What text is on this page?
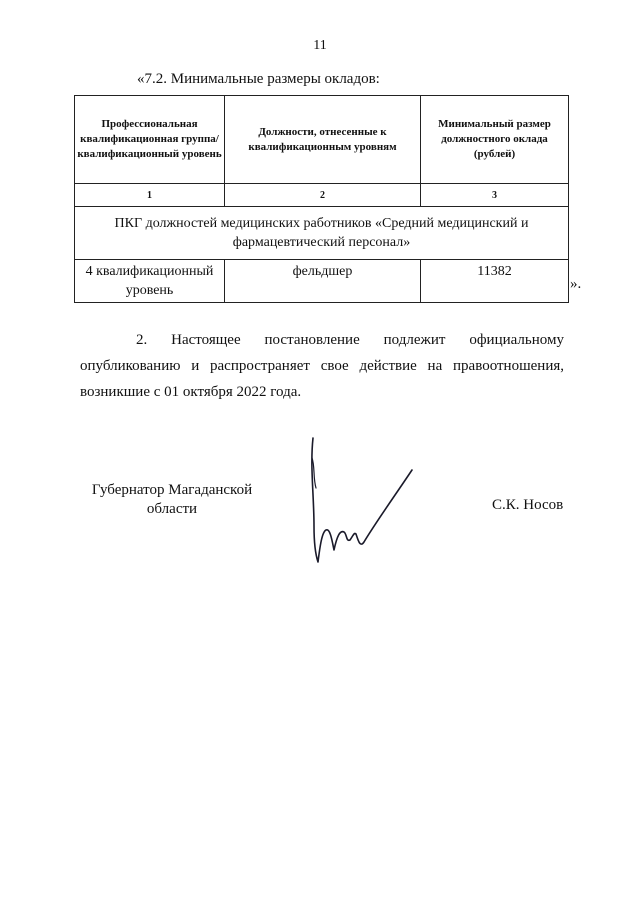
11
«7.2. Минимальные размеры окладов:
Профессиональная квалификационная группа/ квалификационный уровень	Должности, отнесенные к квалификационным уровням	Минимальный размер должностного оклада (рублей)
1	2	3
ПКГ должностей медицинских работников «Средний медицинский и фармацевтический персонал»		
4 квалификационный уровень	фельдшер	11382
».

2. Настоящее постановление подлежит официальному опубликованию и распространяет свое действие на правоотношения, возникшие с 01 октября 2022 года.

Губернатор Магаданской области	С.К. Носов
